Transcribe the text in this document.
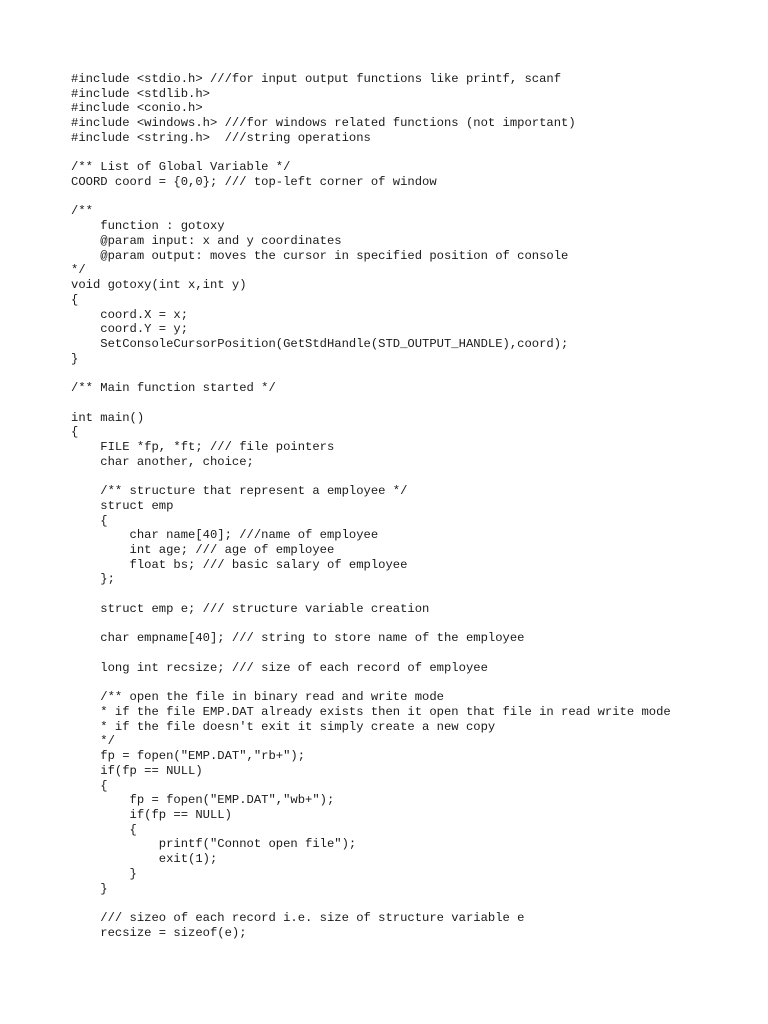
#include <stdio.h> ///for input output functions like printf, scanf
#include <stdlib.h>
#include <conio.h>
#include <windows.h> ///for windows related functions (not important)
#include <string.h>  ///string operations
/** List of Global Variable */
COORD coord = {0,0}; /// top-left corner of window
/**
function : gotoxy
@param input: x and y coordinates
@param output: moves the cursor in specified position of console
*/
void gotoxy(int x,int y)
{
coord.X = x;
coord.Y = y;
SetConsoleCursorPosition(GetStdHandle(STD_OUTPUT_HANDLE),coord);
}
/** Main function started */
int main()
{
FILE *fp, *ft; /// file pointers
char another, choice;
/** structure that represent a employee */
struct emp
{
char name[40]; ///name of employee
int age; /// age of employee
float bs; /// basic salary of employee
};
struct emp e; /// structure variable creation
char empname[40]; /// string to store name of the employee
long int recsize; /// size of each record of employee
/** open the file in binary read and write mode
* if the file EMP.DAT already exists then it open that file in read write mode
* if the file doesn't exit it simply create a new copy
*/
fp = fopen("EMP.DAT","rb+");
if(fp == NULL)
{
fp = fopen("EMP.DAT","wb+");
if(fp == NULL)
{
printf("Connot open file");
exit(1);
}
}
/// sizeo of each record i.e. size of structure variable e
recsize = sizeof(e);
